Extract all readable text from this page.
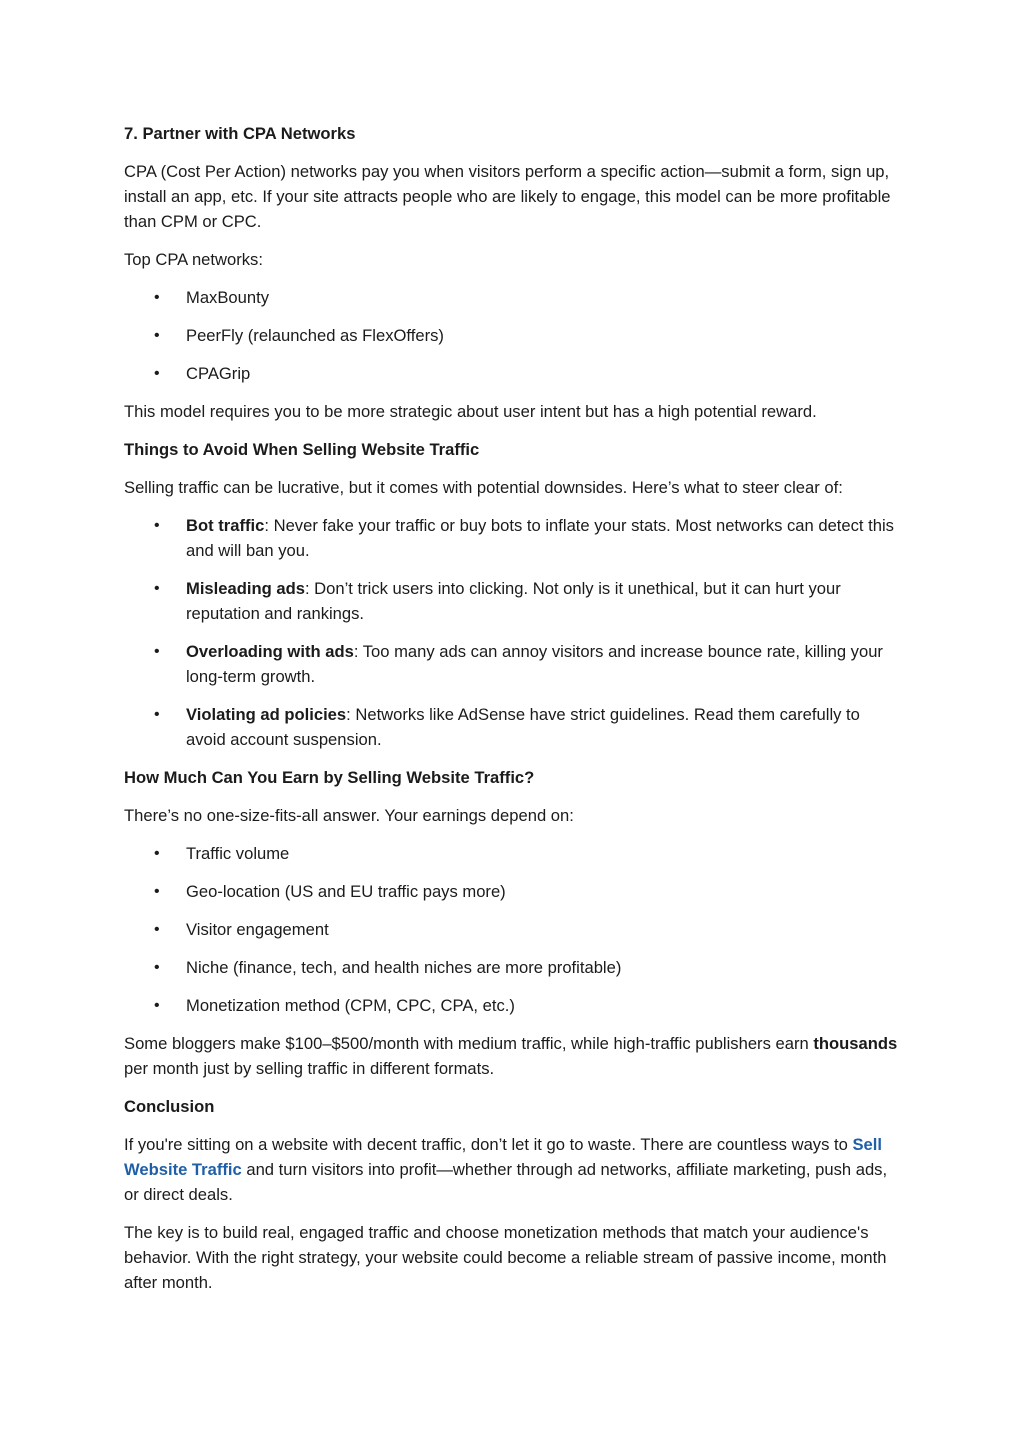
7. Partner with CPA Networks

CPA (Cost Per Action) networks pay you when visitors perform a specific action—submit a form, sign up, install an app, etc. If your site attracts people who are likely to engage, this model can be more profitable than CPM or CPC.

Top CPA networks:

• MaxBounty
• PeerFly (relaunched as FlexOffers)
• CPAGrip

This model requires you to be more strategic about user intent but has a high potential reward.

Things to Avoid When Selling Website Traffic

Selling traffic can be lucrative, but it comes with potential downsides. Here’s what to steer clear of:

• Bot traffic: Never fake your traffic or buy bots to inflate your stats. Most networks can detect this and will ban you.
• Misleading ads: Don’t trick users into clicking. Not only is it unethical, but it can hurt your reputation and rankings.
• Overloading with ads: Too many ads can annoy visitors and increase bounce rate, killing your long-term growth.
• Violating ad policies: Networks like AdSense have strict guidelines. Read them carefully to avoid account suspension.

How Much Can You Earn by Selling Website Traffic?

There’s no one-size-fits-all answer. Your earnings depend on:

• Traffic volume
• Geo-location (US and EU traffic pays more)
• Visitor engagement
• Niche (finance, tech, and health niches are more profitable)
• Monetization method (CPM, CPC, CPA, etc.)

Some bloggers make $100–$500/month with medium traffic, while high-traffic publishers earn thousands per month just by selling traffic in different formats.

Conclusion

If you're sitting on a website with decent traffic, don’t let it go to waste. There are countless ways to Sell Website Traffic and turn visitors into profit—whether through ad networks, affiliate marketing, push ads, or direct deals.

The key is to build real, engaged traffic and choose monetization methods that match your audience's behavior. With the right strategy, your website could become a reliable stream of passive income, month after month.
